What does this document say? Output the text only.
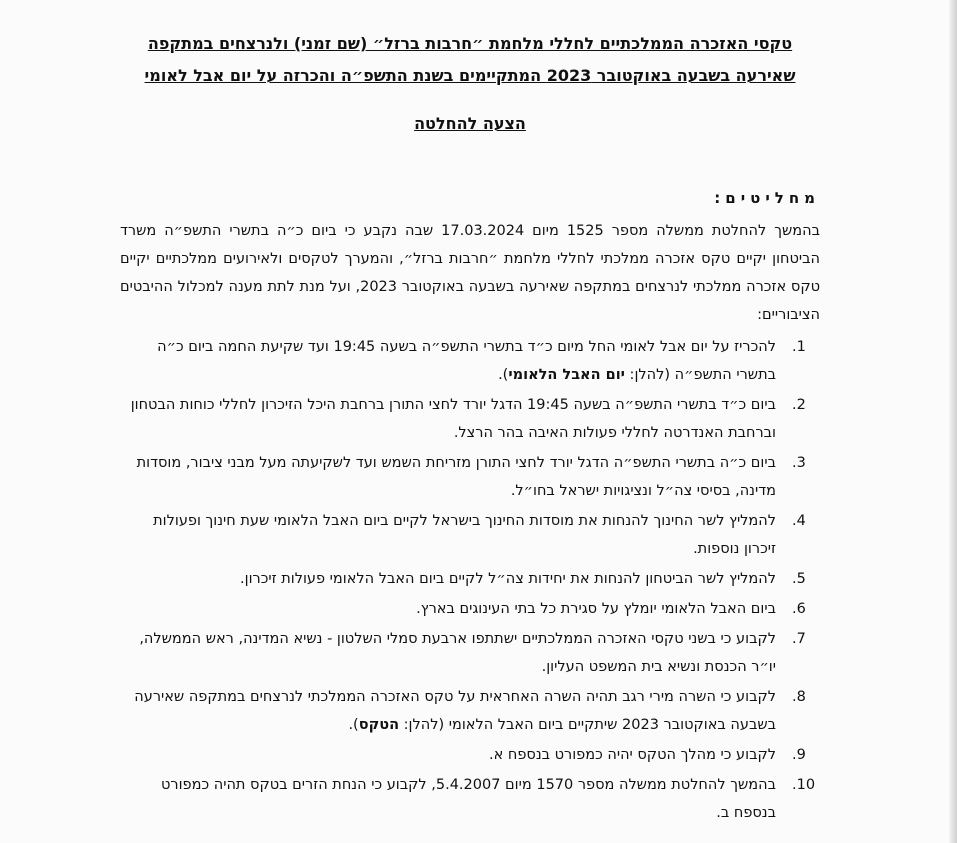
טקסי האזכרה הממלכתיים לחללי מלחמת ״חרבות ברזל״ (שם זמני) ולנרצחים במתקפה
שאירעה בשבעה באוקטובר 2023 המתקיימים בשנת התשפ״ה והכרזה על יום אבל לאומי
הצעה להחלטה
מחליטים:
בהמשך להחלטת ממשלה מספר 1525 מיום 17.03.2024 שבה נקבע כי ביום כ״ה בתשרי התשפ״ה משרד הביטחון יקיים טקס אזכרה ממלכתי לחללי מלחמת ״חרבות ברזל״, והמערך לטקסים ולאירועים ממלכתיים יקיים טקס אזכרה ממלכתי לנרצחים במתקפה שאירעה בשבעה באוקטובר 2023, ועל מנת לתת מענה למכלול ההיבטים הציבוריים:
1.
להכריז על יום אבל לאומי החל מיום כ״ד בתשרי התשפ״ה בשעה 19:45 ועד שקיעת החמה ביום כ״ה בתשרי התשפ״ה (להלן: יום האבל הלאומי).
2.
ביום כ״ד בתשרי התשפ״ה בשעה 19:45 הדגל יורד לחצי התורן ברחבת היכל הזיכרון לחללי כוחות הבטחון וברחבת האנדרטה לחללי פעולות האיבה בהר הרצל.
3.
ביום כ״ה בתשרי התשפ״ה הדגל יורד לחצי התורן מזריחת השמש ועד לשקיעתה מעל מבני ציבור, מוסדות מדינה, בסיסי צה״ל ונציגויות ישראל בחו״ל.
4.
להמליץ לשר החינוך להנחות את מוסדות החינוך בישראל לקיים ביום האבל הלאומי שעת חינוך ופעולות זיכרון נוספות.
5.
להמליץ לשר הביטחון להנחות את יחידות צה״ל לקיים ביום האבל הלאומי פעולות זיכרון.
6.
ביום האבל הלאומי יומלץ על סגירת כל בתי העינוגים בארץ.
7.
לקבוע כי בשני טקסי האזכרה הממלכתיים ישתתפו ארבעת סמלי השלטון - נשיא המדינה, ראש הממשלה, יו״ר הכנסת ונשיא בית המשפט העליון.
8.
לקבוע כי השרה מירי רגב תהיה השרה האחראית על טקס האזכרה הממלכתי לנרצחים במתקפה שאירעה בשבעה באוקטובר 2023 שיתקיים ביום האבל הלאומי (להלן: הטקס).
9.
לקבוע כי מהלך הטקס יהיה כמפורט בנספח א.
10.
בהמשך להחלטת ממשלה מספר 1570 מיום 5.4.2007, לקבוע כי הנחת הזרים בטקס תהיה כמפורט בנספח ב.
